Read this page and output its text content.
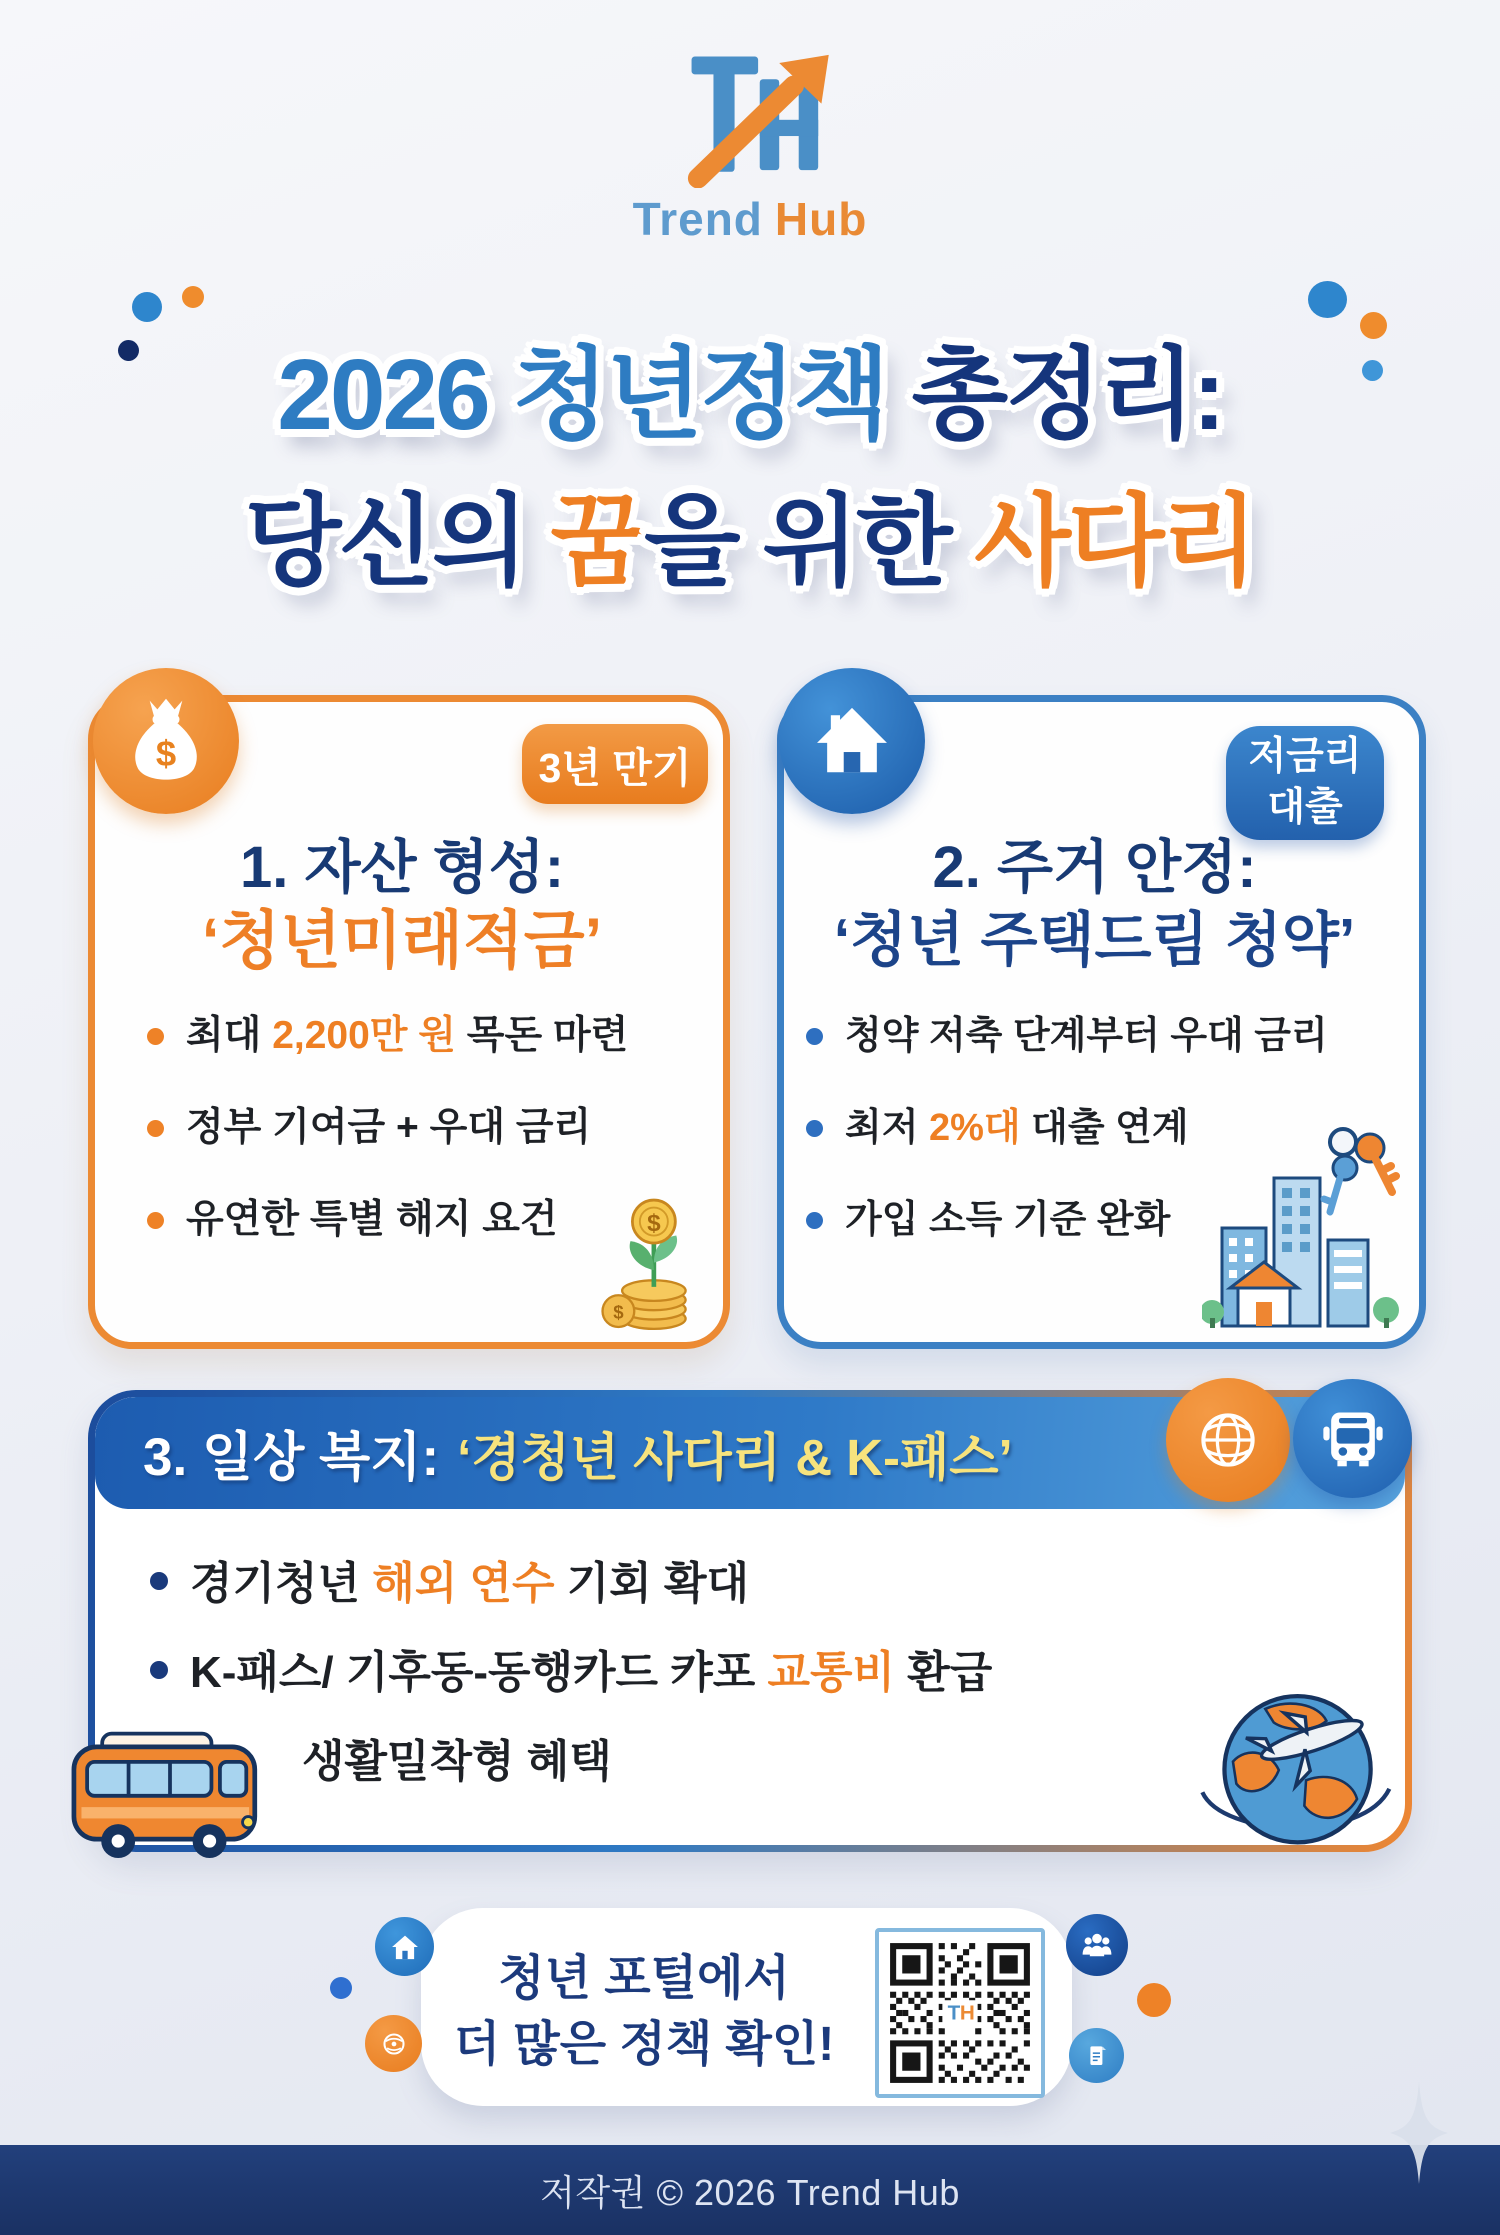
Trend Hub
2026 청년정책 총정리:
당신의 꿈을 위한 사다리
$	3년 만기
1. 자산 형성:
‘청년미래적금’
최대 2,200만 원 목돈 마련
정부 기여금 + 우대 금리
유연한 특별 해지 요건
$
$
저금리
대출
2. 주거 안정:
‘청년 주택드림 청약’
청약 저축 단계부터 우대 금리
최저 2%대 대출 연계
가입 소득 기준 완화
3. 일상 복지: ‘경청년 사다리 & K-패스’
경기청년 해외 연수 기회 확대
K-패스/ 기후동-동행카드 캬포 교통비 환급
생활밀착형 혜택
청년 포털에서
더 많은 정책 확인!
T H
저작권 © 2026 Trend Hub
